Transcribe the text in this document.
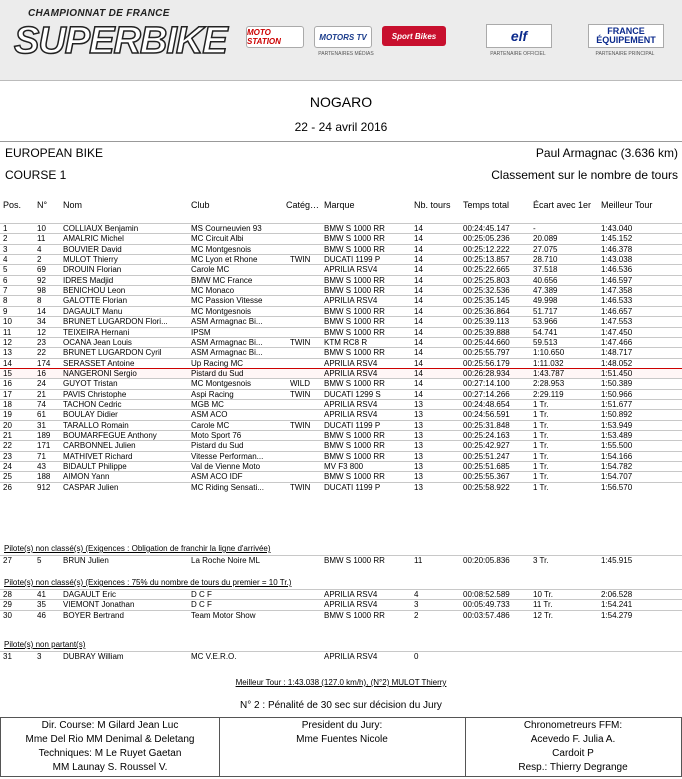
CHAMPIONNAT DE FRANCE
SUPERBIKE	MOTO STATION	MOTORS TV	Sport Bikes
PARTENAIRES MÉDIAS
elf	FRANCE ÉQUIPEMENT
PARTENAIRE OFFICIEL	PARTENAIRE PRINCIPAL
NOGARO
22 - 24 avril 2016
EUROPEAN BIKE
COURSE 1
Paul Armagnac (3.636 km)
Classement sur le nombre de tours
Pos. N° Nom	Club	Catég… Marque	Nb. tours Temps total	Écart avec 1er Meilleur Tour
1	10	COLLIAUX Benjamin	MS Courneuvien 93	BMW S 1000 RR	14	00:24:45.147	-	1:43.040
2	11	AMALRIC Michel	MC Circuit Albi	BMW S 1000 RR	14	00:25:05.236	20.089	1:45.152
3	4	BOUVIER David	MC Montgesnois	BMW S 1000 RR	14	00:25:12.222	27.075	1:46.378
4	2	MULOT Thierry	MC Lyon et Rhone	TWIN	DUCATI 1199 P	14	00:25:13.857	28.710	1:43.038
5	69	DROUIN Florian	Carole MC	APRILIA RSV4	14	00:25:22.665	37.518	1:46.536
6	92	IDRES Madjid	BMW MC France	BMW S 1000 RR	14	00:25:25.803	40.656	1:46.597
7	98	BENICHOU Leon	MC Monaco	BMW S 1000 RR	14	00:25:32.536	47.389	1:47.358
8	8	GALOTTE Florian	MC Passion Vitesse	APRILIA RSV4	14	00:25:35.145	49.998	1:46.533
9	14	DAGAULT Manu	MC Montgesnois	BMW S 1000 RR	14	00:25:36.864	51.717	1:46.657
10	34	BRUNET LUGARDON Flori...	ASM Armagnac Bi...	BMW S 1000 RR	14	00:25:39.113	53.966	1:47.553
11	12	TEIXEIRA Hernani	IPSM	BMW S 1000 RR	14	00:25:39.888	54.741	1:47.450
12	23	OCANA Jean Louis	ASM Armagnac Bi...	TWIN	KTM RC8 R	14	00:25:44.660	59.513	1:47.466
13	22	BRUNET LUGARDON Cyril	ASM Armagnac Bi...	BMW S 1000 RR	14	00:25:55.797	1:10.650	1:48.717
14	174	SERASSET Antoine	Up Racing MC	APRILIA RSV4	14	00:25:56.179	1:11.032	1:48.052
15	16	NANGERONI Sergio	Pistard du Sud	APRILIA RSV4	14	00:26:28.934	1:43.787	1:51.450
16	24	GUYOT Tristan	MC Montgesnois	WILD	BMW S 1000 RR	14	00:27:14.100	2:28.953	1:50.389
17	21	PAVIS Christophe	Aspi Racing	TWIN	DUCATI 1299 S	14	00:27:14.266	2:29.119	1:50.966
18	74	TACHON Cedric	MGB MC	APRILIA RSV4	13	00:24:48.654	1 Tr.	1:51.677
19	61	BOULAY Didier	ASM ACO	APRILIA RSV4	13	00:24:56.591	1 Tr.	1:50.892
20	31	TARALLO Romain	Carole MC	TWIN	DUCATI 1199 P	13	00:25:31.848	1 Tr.	1:53.949
21	189	BOUMARFEGUE Anthony	Moto Sport 76	BMW S 1000 RR	13	00:25:24.163	1 Tr.	1:53.489
22	171	CARBONNEL Julien	Pistard du Sud	BMW S 1000 RR	13	00:25:42.927	1 Tr.	1:55.500
23	71	MATHIVET Richard	Vitesse Performan...	BMW S 1000 RR	13	00:25:51.247	1 Tr.	1:54.166
24	43	BIDAULT Philippe	Val de Vienne Moto	MV F3 800	13	00:25:51.685	1 Tr.	1:54.782
25	188	AIMON Yann	ASM ACO IDF	BMW S 1000 RR	13	00:25:55.367	1 Tr.	1:54.707
26	912	CASPAR Julien	MC Riding Sensati...	TWIN	DUCATI 1199 P	13	00:25:58.922	1 Tr.	1:56.570
Pilote(s) non classé(s) (Exigences : Obligation de franchir la ligne d'arrivée)
27	5	BRUN Julien	La Roche Noire ML	BMW S 1000 RR	11	00:20:05.836	3 Tr.	1:45.915
Pilote(s) non classé(s) (Exigences : 75% du nombre de tours du premier = 10 Tr.)
28	41	DAGAULT Eric	D C F	APRILIA RSV4	4	00:08:52.589	10 Tr.	2:06.528
29	35	VIEMONT Jonathan	D C F	APRILIA RSV4	3	00:05:49.733	11 Tr.	1:54.241
30	46	BOYER Bertrand	Team Motor Show	BMW S 1000 RR	2	00:03:57.486	12 Tr.	1:54.279
Pilote(s) non partant(s)
31	3	DUBRAY William	MC V.E.R.O.	APRILIA RSV4	0
Meilleur Tour : 1:43.038 (127.0 km/h), (N°2) MULOT Thierry
N° 2 : Pénalité de 30 sec sur décision du Jury
Dir. Course: M Gilard Jean Luc
Mme Del Rio MM Denimal & Deletang
Techniques: M Le Ruyet Gaetan
MM Launay S. Roussel V.
President du Jury:
Mme Fuentes Nicole
Chronometreurs FFM:
Acevedo F. Julia A.
Cardoit P
Resp.: Thierry Degrange
